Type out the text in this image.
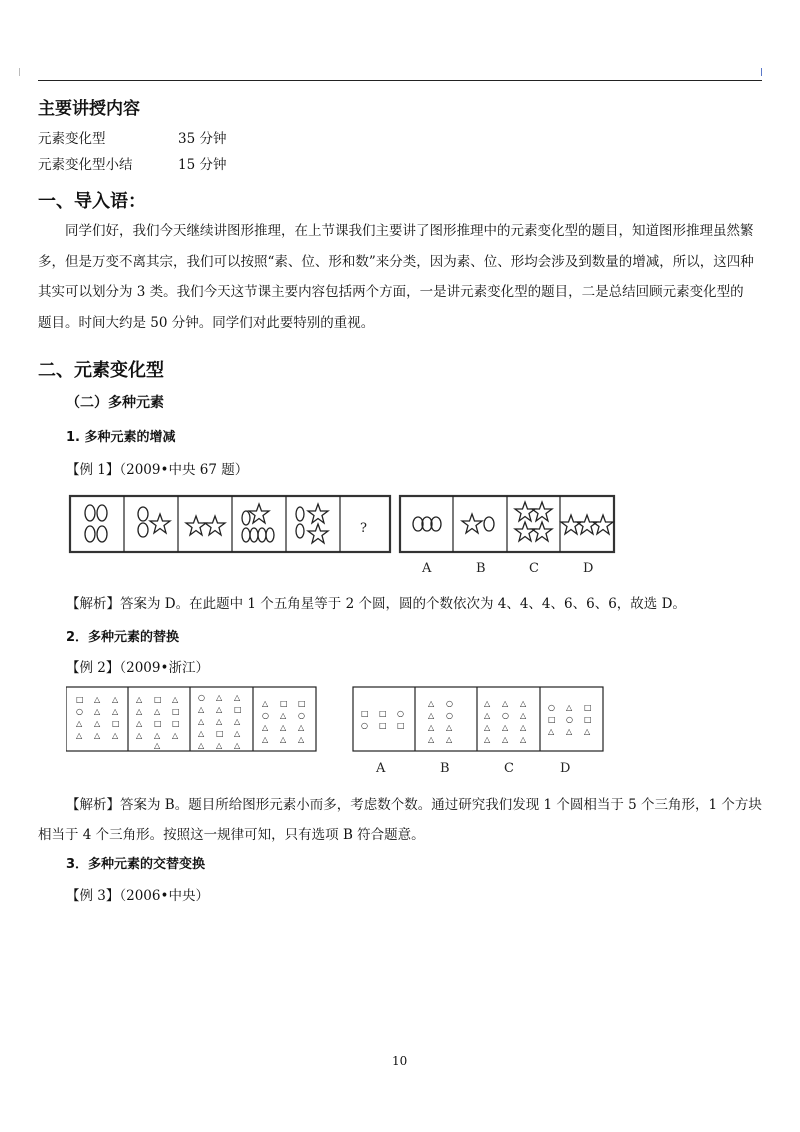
主要讲授内容
元素变化型	35 分钟
元素变化型小结	15 分钟
一、导入语：
同学们好，我们今天继续讲图形推理，在上节课我们主要讲了图形推理中的元素变化型的题目，知道图形推理虽然繁多，但是万变不离其宗，我们可以按照“素、位、形和数”来分类，因为素、位、形均会涉及到数量的增减，所以，这四种其实可以划分为 3 类。我们今天这节课主要内容包括两个方面，一是讲元素变化型的题目，二是总结回顾元素变化型的题目。时间大约是 50 分钟。同学们对此要特别的重视。
二、元素变化型
（二）多种元素
1. 多种元素的增减
【例 1】（2009•中央 67 题）
?
A	B	C	D
【解析】答案为 D。在此题中 1 个五角星等于 2 个圆，圆的个数依次为 4、4、4、6、6、6，故选 D。
2．多种元素的替换
【例 2】（2009•浙江）
□ △ △
○ △ △
△ △ □
△ △ △
△ □ △
△ △ □
△ □ □
△ △ △
△
○ △ △
△ △ □
△ △ △
△ □ △
△ △ △
△ □ □
○ △ ○
△ △ △
△ △ △
□ □ ○
○ □ □
△ ○
△ ○
△ △
△ △
△ △ △
△ ○ △
△ △ △
△ △ △
○ △ □
□ ○ □
△ △ △
A	B	C	D
【解析】答案为 B。题目所给图形元素小而多，考虑数个数。通过研究我们发现 1 个圆相当于 5 个三角形，1 个方块相当于 4 个三角形。按照这一规律可知，只有选项 B 符合题意。
3．多种元素的交替变换
【例 3】（2006•中央）
10
